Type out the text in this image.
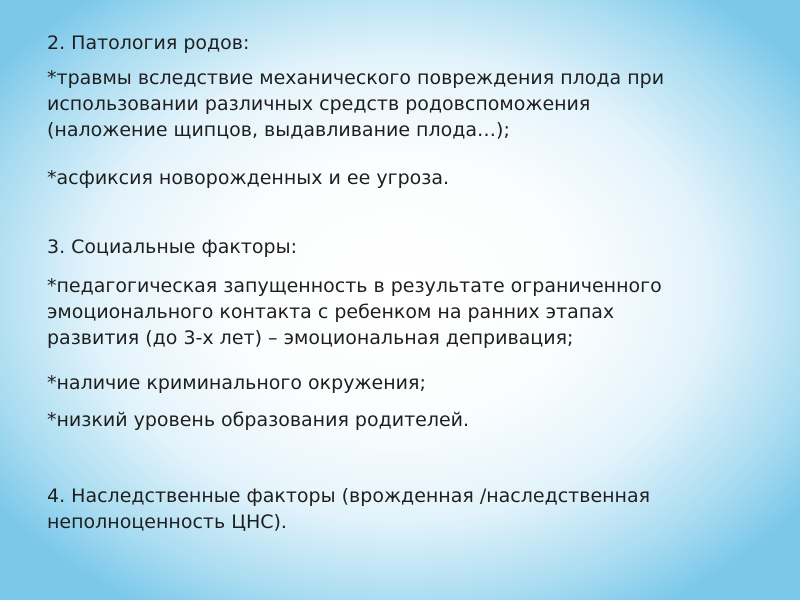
2. Патология родов:

*травмы вследствие механического повреждения плода при
использовании различных средств родовспоможения
(наложение щипцов, выдавливание плода…);

*асфиксия новорожденных и ее угроза.

3. Социальные факторы:

*педагогическая запущенность в результате ограниченного
эмоционального контакта с ребенком на ранних этапах
развития (до 3-х лет) – эмоциональная депривация;

*наличие криминального окружения;

*низкий уровень образования родителей.

4. Наследственные факторы (врожденная /наследственная
неполноценность ЦНС).
